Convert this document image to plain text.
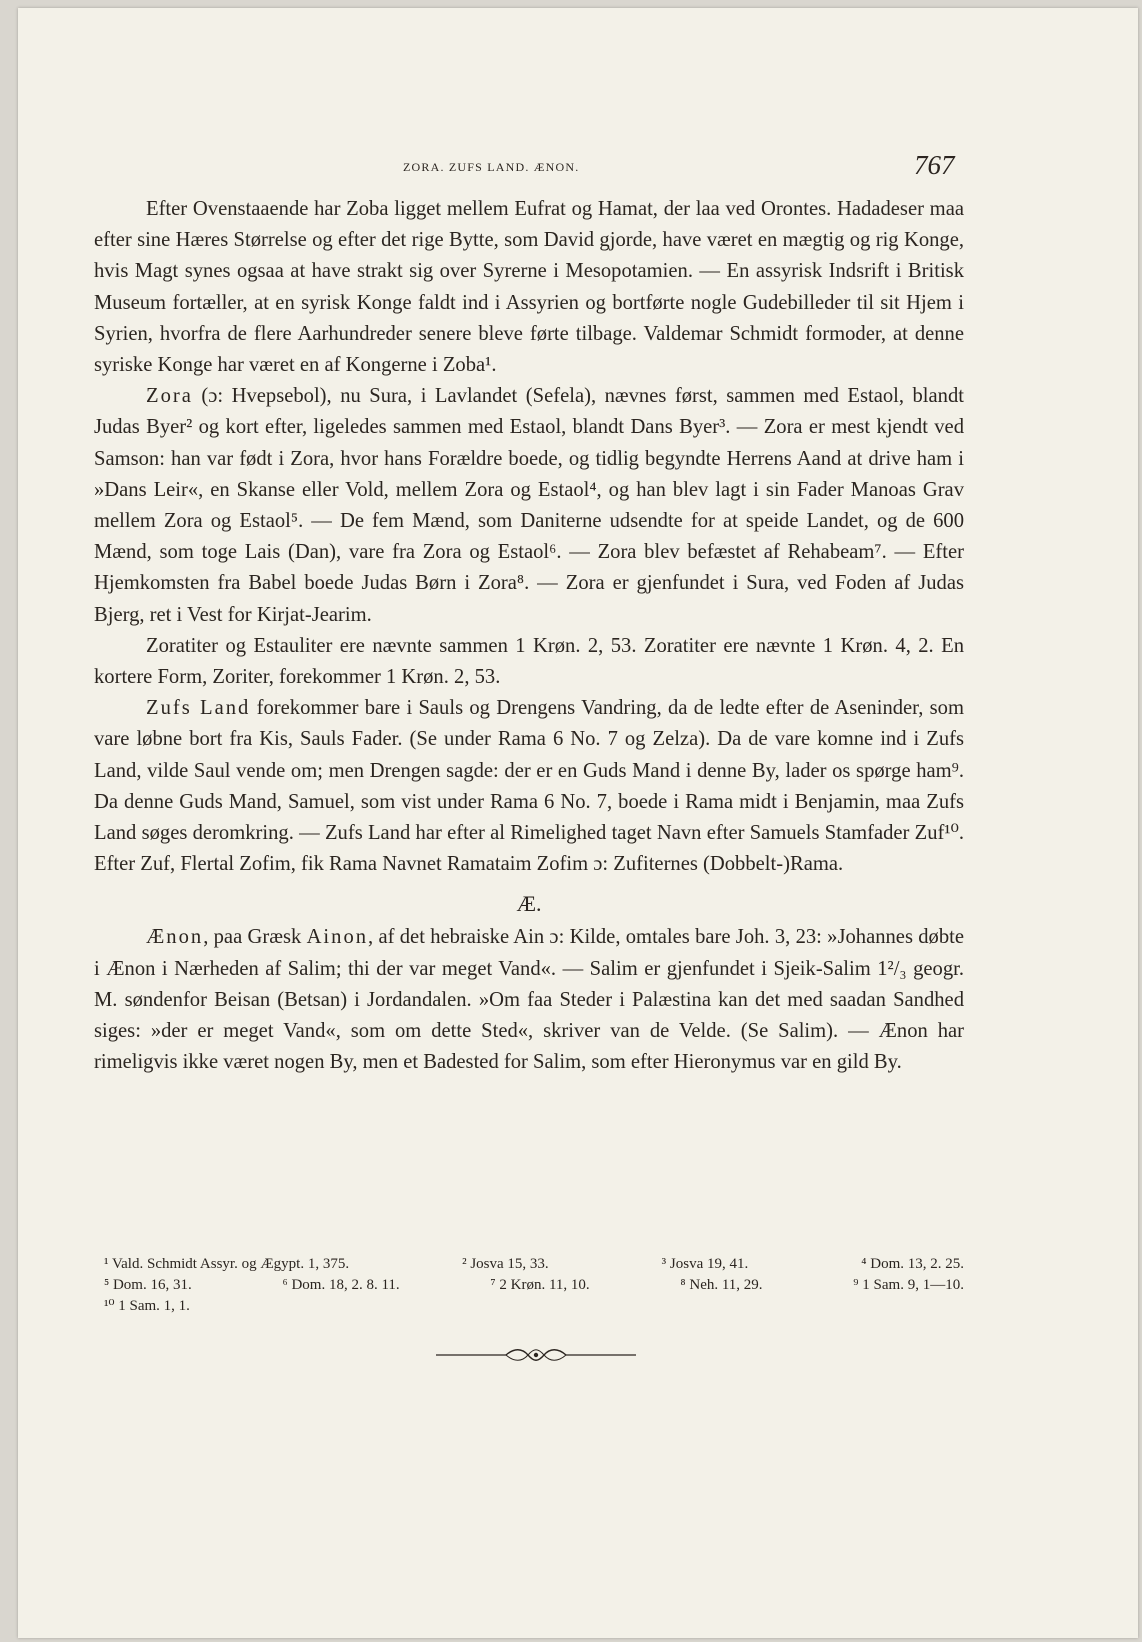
ZORA. ZUFS LAND. ÆNON.	767

Efter Ovenstaaende har Zoba ligget mellem Eufrat og Hamat, der laa ved Orontes. Hadadeser maa efter sine Hæres Størrelse og efter det rige Bytte, som David gjorde, have været en mægtig og rig Konge, hvis Magt synes ogsaa at have strakt sig over Syrerne i Mesopotamien. — En assyrisk Indsrift i Britisk Museum fortæller, at en syrisk Konge faldt ind i Assyrien og bortførte nogle Gudebilleder til sit Hjem i Syrien, hvorfra de flere Aarhundreder senere bleve førte tilbage. Valdemar Schmidt formoder, at denne syriske Konge har været en af Kongerne i Zoba¹.

Zora (ɔ: Hvepsebol), nu Sura, i Lavlandet (Sefela), nævnes først, sammen med Estaol, blandt Judas Byer² og kort efter, ligeledes sammen med Estaol, blandt Dans Byer³. — Zora er mest kjendt ved Samson: han var født i Zora, hvor hans Forældre boede, og tidlig begyndte Herrens Aand at drive ham i »Dans Leir«, en Skanse eller Vold, mellem Zora og Estaol⁴, og han blev lagt i sin Fader Manoas Grav mellem Zora og Estaol⁵. — De fem Mænd, som Daniterne udsendte for at speide Landet, og de 600 Mænd, som toge Lais (Dan), vare fra Zora og Estaol⁶. — Zora blev befæstet af Rehabeam⁷. — Efter Hjemkomsten fra Babel boede Judas Børn i Zora⁸. — Zora er gjenfundet i Sura, ved Foden af Judas Bjerg, ret i Vest for Kirjat-Jearim.

Zoratiter og Estauliter ere nævnte sammen 1 Krøn. 2, 53. Zoratiter ere nævnte 1 Krøn. 4, 2. En kortere Form, Zoriter, forekommer 1 Krøn. 2, 53.

Zufs Land forekommer bare i Sauls og Drengens Vandring, da de ledte efter de Aseninder, som vare løbne bort fra Kis, Sauls Fader. (Se under Rama 6 No. 7 og Zelza). Da de vare komne ind i Zufs Land, vilde Saul vende om; men Drengen sagde: der er en Guds Mand i denne By, lader os spørge ham⁹. Da denne Guds Mand, Samuel, som vist under Rama 6 No. 7, boede i Rama midt i Benjamin, maa Zufs Land søges deromkring. — Zufs Land har efter al Rimelighed taget Navn efter Samuels Stamfader Zuf¹⁰. Efter Zuf, Flertal Zofim, fik Rama Navnet Ramataim Zofim ɔ: Zufiternes (Dobbelt-)Rama.

Æ.

Ænon, paa Græsk Ainon, af det hebraiske Ain ɔ: Kilde, omtales bare Joh. 3, 23: »Johannes døbte i Ænon i Nærheden af Salim; thi der var meget Vand«. — Salim er gjenfundet i Sjeik-Salim 1²/₃ geogr. M. søndenfor Beisan (Betsan) i Jordandalen. »Om faa Steder i Palæstina kan det med saadan Sandhed siges: »der er meget Vand«, som om dette Sted«, skriver van de Velde. (Se Salim). — Ænon har rimeligvis ikke været nogen By, men et Badested for Salim, som efter Hieronymus var en gild By.

¹ Vald. Schmidt Assyr. og Ægypt. 1, 375.	² Josva 15, 33.	³ Josva 19, 41.	⁴ Dom. 13, 2. 25.
⁵ Dom. 16, 31.	⁶ Dom. 18, 2. 8. 11.	⁷ 2 Krøn. 11, 10.	⁸ Neh. 11, 29.	⁹ 1 Sam. 9, 1—10.
¹⁰ 1 Sam. 1, 1.
